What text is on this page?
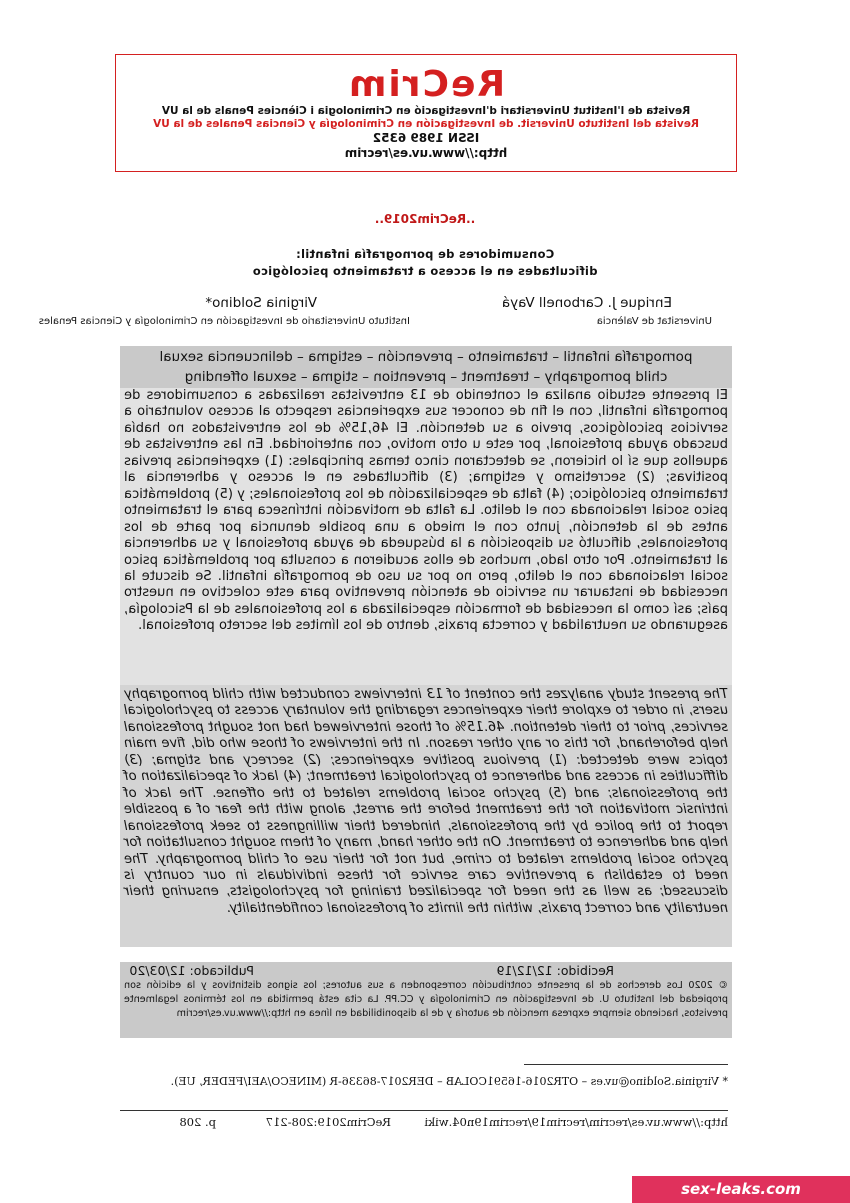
ReCrim
Revista de l'Institut Universitari d'Investigació en Criminologia i Ciències Penals de la UV
Revista del Instituto Universit. de Investigación en Criminología y Ciencias Penales de la UV
ISSN 1989 6352
http://www.uv.es/recrim
..ReCrim2019..
Consumidores de pornografía infantil:
dificultades en el acceso a tratamiento psicológico
Virginia Soldino*	Enrique J. Carbonell Vayá
Instituto Universitario de Investigación en Criminología y Ciencias Penales	Universitat de València
pornografía infantil – tratamiento – prevención – estigma – delincuencia sexual
child pornography – treatment – prevention – stigma – sexual offending
El presente estudio analiza el contenido de 13 entrevistas realizadas a consumidores de pornografía infantil, con el fin de conocer sus experiencias respecto al acceso voluntario a servicios psicológicos, previo a su detención. El 46,15% de los entrevistados no había buscado ayuda profesional, por este u otro motivo, con anterioridad. En las entrevistas de aquellos que sí lo hicieron, se detectaron cinco temas principales: (1) experiencias previas positivas; (2) secretismo y estigma; (3) dificultades en el acceso y adherencia al tratamiento psicológico; (4) falta de especialización de los profesionales; y (5) problemática psico social relacionada con el delito. La falta de motivación intrínseca para el tratamiento antes de la detención, junto con el miedo a una posible denuncia por parte de los profesionales, dificultó su disposición a la búsqueda de ayuda profesional y su adherencia al tratamiento. Por otro lado, muchos de ellos acudieron a consulta por problemática psico social relacionada con el delito, pero no por su uso de pornografía infantil. Se discute la necesidad de instaurar un servicio de atención preventivo para este colectivo en nuestro país; así como la necesidad de formación especializada a los profesionales de la Psicología, asegurando su neutralidad y correcta praxis, dentro de los límites del secreto profesional.
The present study analyzes the content of 13 interviews conducted with child pornography users, in order to explore their experiences regarding the voluntary access to psychological services, prior to their detention. 46.15% of those interviewed had not sought professional help beforehand, for this or any other reason. In the interviews of those who did, five main topics were detected: (1) previous positive experiences; (2) secrecy and stigma; (3) difficulties in access and adherence to psychological treatment; (4) lack of specialization of the professionals; and (5) psycho social problems related to the offense. The lack of intrinsic motivation for the treatment before the arrest, along with the fear of a possible report to the police by the professionals, hindered their willingness to seek professional help and adherence to treatment. On the other hand, many of them sought consultation for psycho social problems related to crime, but not for their use of child pornography. The need to establish a preventive care service for these individuals in our country is discussed; as well as the need for specialized training for psychologists, ensuring their neutrality and correct praxis, within the limits of professional confidentiality.
Recibido: 12/12/19
Publicado: 12/03/20
© 2020 Los derechos de la presente contribución corresponden a sus autores; los signos distintivos y la edición son propiedad del Instituto U. de Investigación en Criminología y CC.PP. La cita está permitida en los términos legalmente previstos, haciendo siempre expresa mención de autoría y de la disponibilidad en línea en http://www.uv.es/recrim
* Virginia.Soldino@uv.es – OTR2016-16591COLAB – DER2017-86336-R (MINECO/AEI/FEDER, UE).
http://www.uv.es/recrim/recrim19/recrim19n04.wiki
ReCrim2019:208-217
p. 208
sex-leaks.com
